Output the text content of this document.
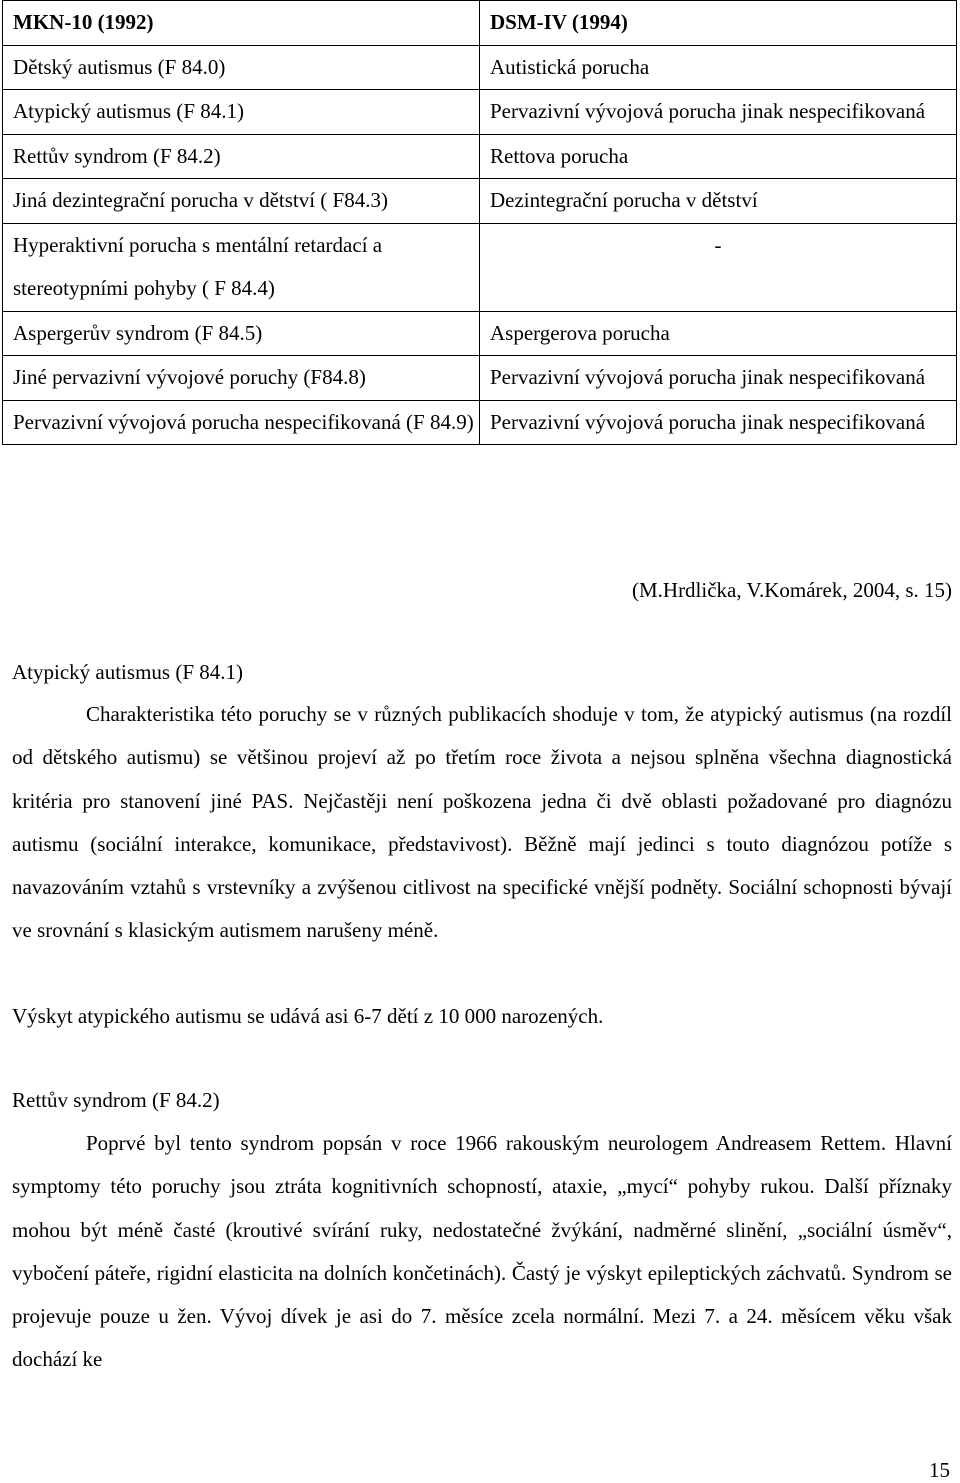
MKN-10 (1992)	DSM-IV (1994)
Dětský autismus (F 84.0)	Autistická porucha
Atypický autismus (F 84.1)	Pervazivní vývojová porucha jinak nespecifikovaná
Rettův syndrom (F 84.2)	Rettova porucha
Jiná dezintegrační porucha v dětství ( F84.3)	Dezintegrační porucha v dětství
Hyperaktivní porucha s mentální retardací a stereotypními pohyby ( F 84.4)	-
Aspergerův syndrom (F 84.5)	Aspergerova porucha
Jiné pervazivní vývojové poruchy (F84.8)	Pervazivní vývojová porucha jinak nespecifikovaná
Pervazivní vývojová porucha nespecifikovaná (F 84.9)	Pervazivní vývojová porucha jinak nespecifikovaná
(M.Hrdlička, V.Komárek, 2004, s. 15)
Atypický autismus (F 84.1)

Charakteristika této poruchy se v různých publikacích shoduje v tom, že atypický autismus (na rozdíl od dětského autismu) se většinou projeví až po třetím roce života a nejsou splněna všechna diagnostická kritéria pro stanovení jiné PAS. Nejčastěji není poškozena jedna či dvě oblasti požadované pro diagnózu autismu (sociální interakce, komunikace, představivost). Běžně mají jedinci s touto diagnózou potíže s navazováním vztahů s vrstevníky a zvýšenou citlivost na specifické vnější podněty. Sociální schopnosti bývají ve srovnání s klasickým autismem narušeny méně.

Výskyt atypického autismu se udává asi 6-7 dětí z 10 000 narozených.
Rettův syndrom (F 84.2)

Poprvé byl tento syndrom popsán v roce 1966 rakouským neurologem Andreasem Rettem. Hlavní symptomy této poruchy jsou ztráta kognitivních schopností, ataxie, „mycí“ pohyby rukou. Další příznaky mohou být méně časté (kroutivé svírání ruky, nedostatečné žvýkání, nadměrné slinění, „sociální úsměv“, vybočení páteře, rigidní elasticita na dolních končetinách). Častý je výskyt epileptických záchvatů. Syndrom se projevuje pouze u žen. Vývoj dívek je asi do 7. měsíce zcela normální. Mezi 7. a 24. měsícem věku však dochází ke

15
